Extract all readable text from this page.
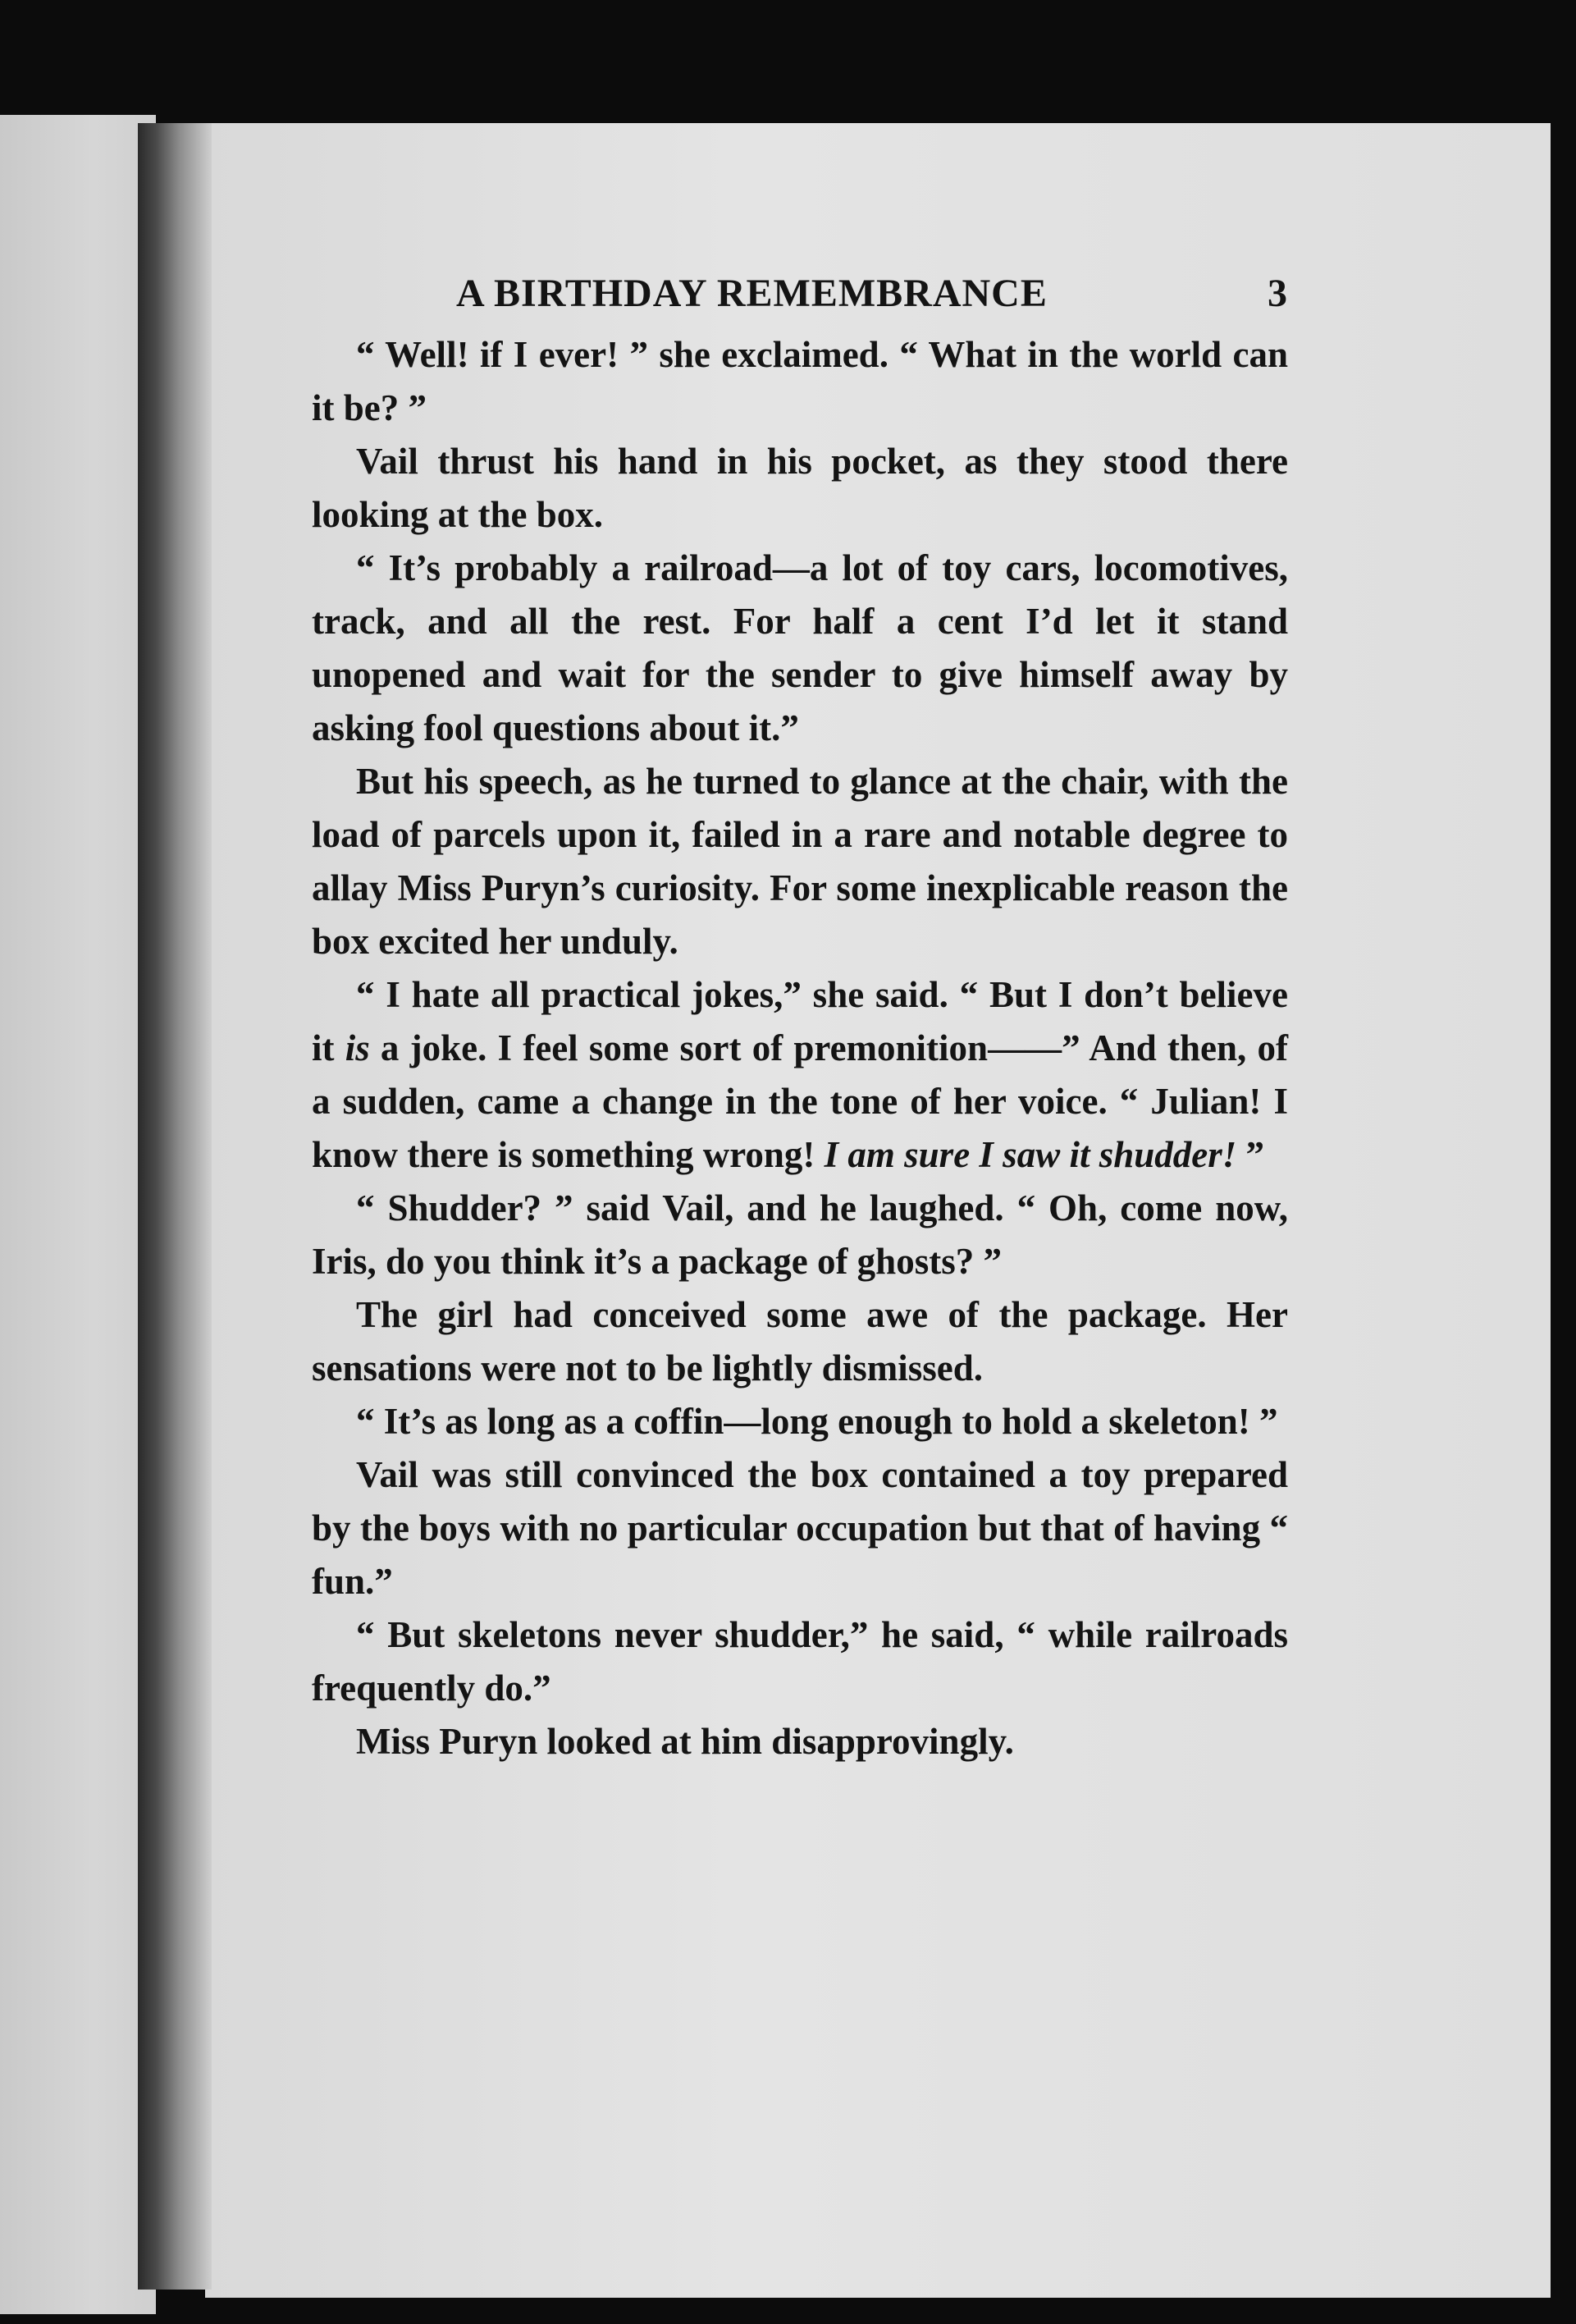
A BIRTHDAY REMEMBRANCE	3

“ Well! if I ever! ” she exclaimed. “ What in the world can it be? ”

Vail thrust his hand in his pocket, as they stood there looking at the box.

“ It’s probably a railroad—a lot of toy cars, locomotives, track, and all the rest. For half a cent I’d let it stand unopened and wait for the sender to give himself away by asking fool questions about it.”

But his speech, as he turned to glance at the chair, with the load of parcels upon it, failed in a rare and notable degree to allay Miss Puryn’s curiosity. For some inexplicable reason the box excited her unduly.

“ I hate all practical jokes,” she said. “ But I don’t believe it is a joke. I feel some sort of premonition——” And then, of a sudden, came a change in the tone of her voice. “ Julian! I know there is something wrong! I am sure I saw it shudder! ”

“ Shudder? ” said Vail, and he laughed. “ Oh, come now, Iris, do you think it’s a package of ghosts? ”

The girl had conceived some awe of the package. Her sensations were not to be lightly dismissed.

“ It’s as long as a coffin—long enough to hold a skeleton! ”

Vail was still convinced the box contained a toy prepared by the boys with no particular occupation but that of having “ fun.”

“ But skeletons never shudder,” he said, “ while railroads frequently do.”

Miss Puryn looked at him disapprovingly.
